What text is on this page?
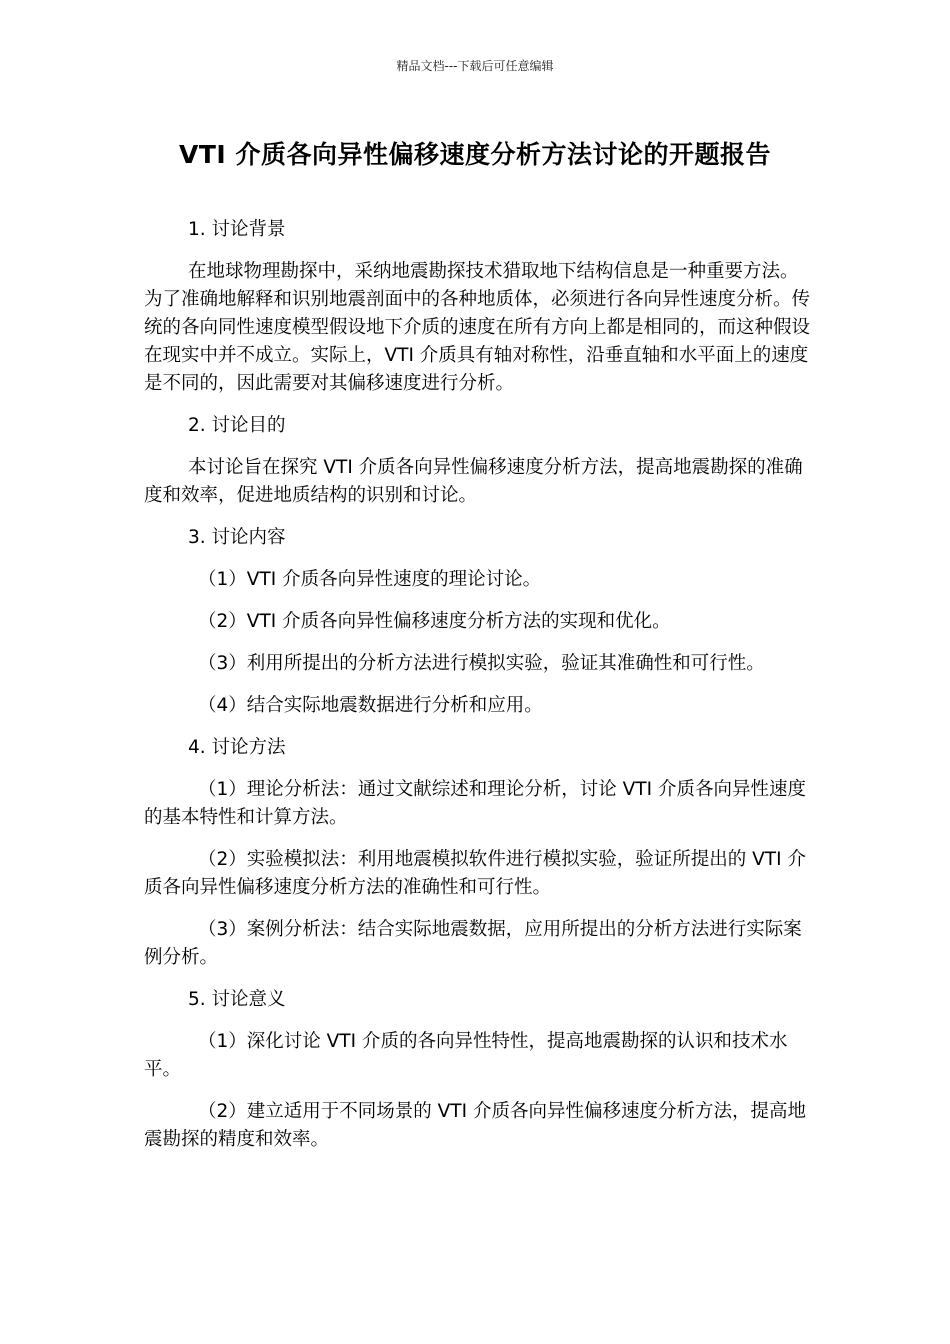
精品文档---下载后可任意编辑
VTI 介质各向异性偏移速度分析方法讨论的开题报告
1. 讨论背景

在地球物理勘探中，采纳地震勘探技术猎取地下结构信息是一种重要方法。为了准确地解释和识别地震剖面中的各种地质体，必须进行各向异性速度分析。传统的各向同性速度模型假设地下介质的速度在所有方向上都是相同的，而这种假设在现实中并不成立。实际上，VTI 介质具有轴对称性，沿垂直轴和水平面上的速度是不同的，因此需要对其偏移速度进行分析。

2. 讨论目的

本讨论旨在探究 VTI 介质各向异性偏移速度分析方法，提高地震勘探的准确度和效率，促进地质结构的识别和讨论。

3. 讨论内容

（1）VTI 介质各向异性速度的理论讨论。

（2）VTI 介质各向异性偏移速度分析方法的实现和优化。

（3）利用所提出的分析方法进行模拟实验，验证其准确性和可行性。

（4）结合实际地震数据进行分析和应用。

4. 讨论方法

（1）理论分析法：通过文献综述和理论分析，讨论 VTI 介质各向异性速度的基本特性和计算方法。

（2）实验模拟法：利用地震模拟软件进行模拟实验，验证所提出的 VTI 介质各向异性偏移速度分析方法的准确性和可行性。

（3）案例分析法：结合实际地震数据，应用所提出的分析方法进行实际案例分析。

5. 讨论意义

（1）深化讨论 VTI 介质的各向异性特性，提高地震勘探的认识和技术水平。

（2）建立适用于不同场景的 VTI 介质各向异性偏移速度分析方法，提高地震勘探的精度和效率。
